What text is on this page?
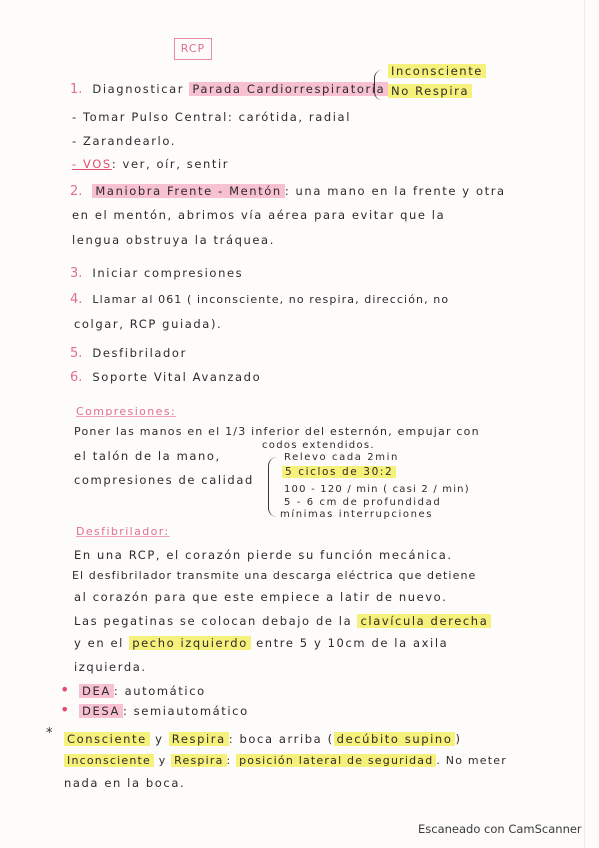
RCP
1. Diagnosticar Parada Cardiorrespiratoria
Inconsciente
No Respira
- Tomar Pulso Central: carótida, radial
- Zarandearlo.
- VOS: ver, oír, sentir
2. Maniobra Frente - Mentón : una mano en la frente y otra
en el mentón, abrimos vía aérea para evitar que la
lengua obstruya la tráquea.
3. Iniciar compresiones
4. Llamar al 061 ( inconsciente, no respira, dirección, no
colgar, RCP guiada).
5. Desfibrilador
6. Soporte Vital Avanzado
Compresiones:
Poner las manos en el 1/3 inferior del esternón, empujar con
el talón de la mano,
codos extendidos.
compresiones de calidad
Relevo cada 2min
5 ciclos de 30:2
100 - 120 / min ( casi 2 / min)
5 - 6 cm de profundidad
mínimas interrupciones
Desfibrilador:
En una RCP, el corazón pierde su función mecánica.
El desfibrilador transmite una descarga eléctrica que detiene
al corazón para que este empiece a latir de nuevo.
Las pegatinas se colocan debajo de la clavícula derecha
y en el pecho izquierdo entre 5 y 10cm de la axila
izquierda.
• DEA : automático
• DESA : semiautomático
* Consciente y Respira : boca arriba ( decúbito supino )
Inconsciente y Respira : posición lateral de seguridad . No meter
nada en la boca.
Escaneado con CamScanner
